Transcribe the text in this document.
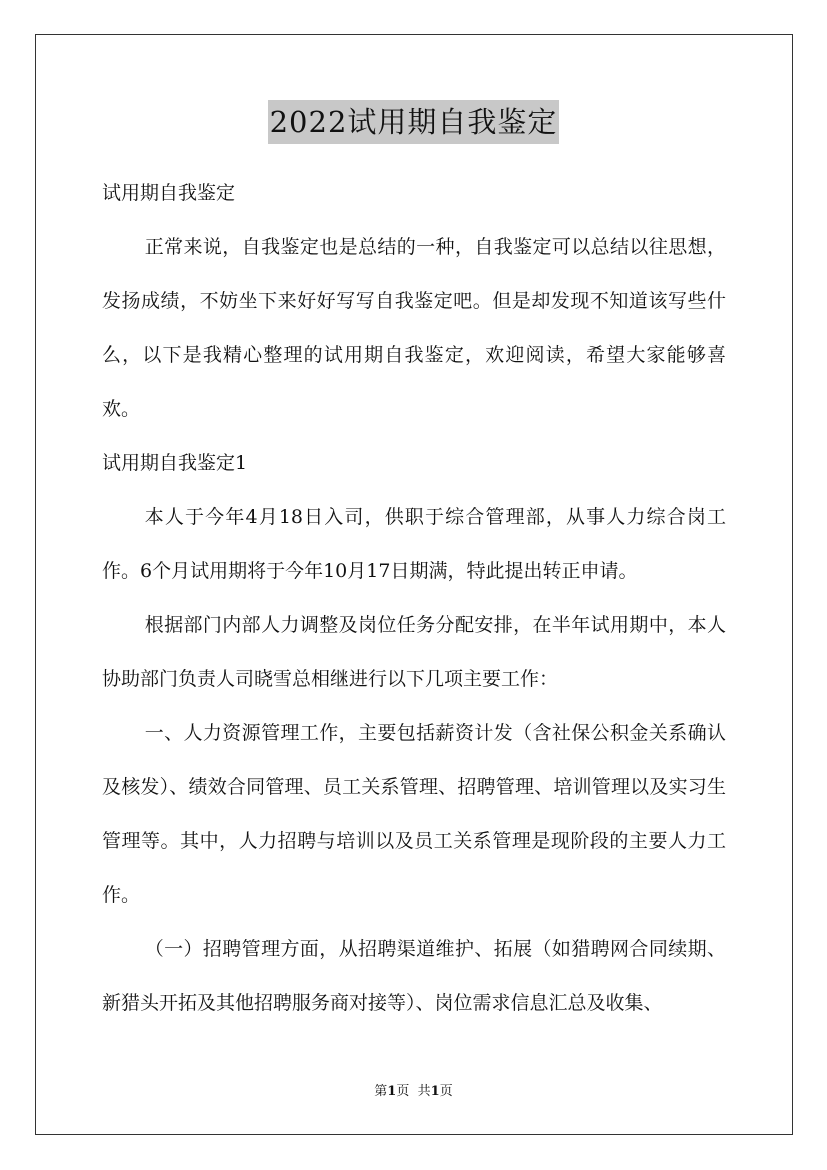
2022试用期自我鉴定

试用期自我鉴定

正常来说，自我鉴定也是总结的一种，自我鉴定可以总结以往思想，发扬成绩，不妨坐下来好好写写自我鉴定吧。但是却发现不知道该写些什么，以下是我精心整理的试用期自我鉴定，欢迎阅读，希望大家能够喜欢。

试用期自我鉴定1

本人于今年4月18日入司，供职于综合管理部，从事人力综合岗工作。6个月试用期将于今年10月17日期满，特此提出转正申请。

根据部门内部人力调整及岗位任务分配安排，在半年试用期中，本人协助部门负责人司晓雪总相继进行以下几项主要工作：

一、人力资源管理工作，主要包括薪资计发（含社保公积金关系确认及核发）、绩效合同管理、员工关系管理、招聘管理、培训管理以及实习生管理等。其中，人力招聘与培训以及员工关系管理是现阶段的主要人力工作。

（一）招聘管理方面，从招聘渠道维护、拓展（如猎聘网合同续期、新猎头开拓及其他招聘服务商对接等）、岗位需求信息汇总及收集、

第1页 共1页
